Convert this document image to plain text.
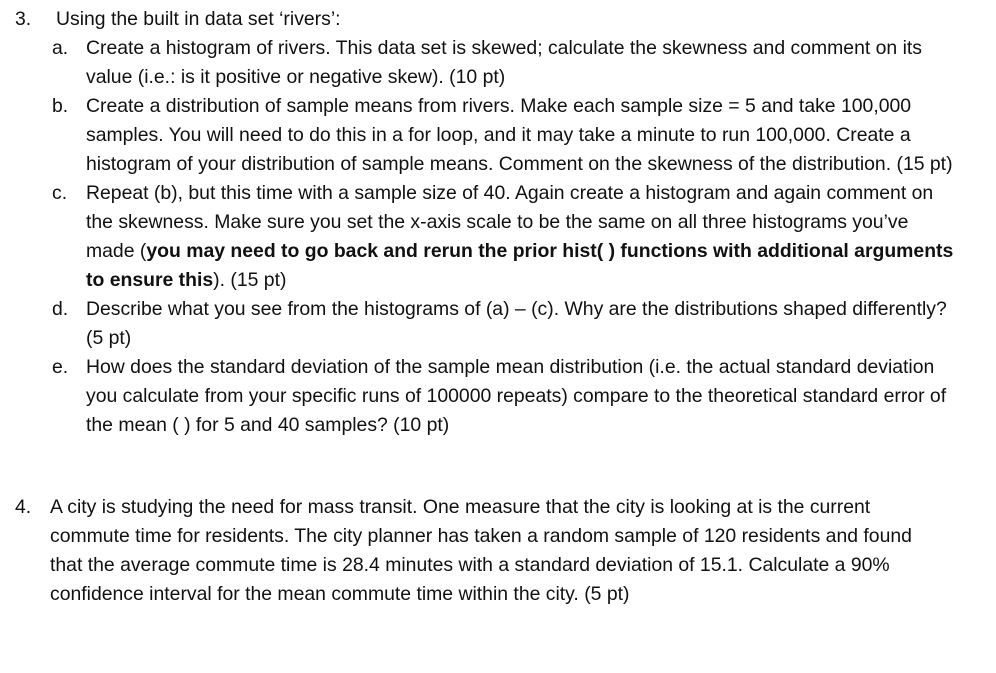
3. Using the built in data set ‘rivers’:
a. Create a histogram of rivers. This data set is skewed; calculate the skewness and comment on its value (i.e.: is it positive or negative skew). (10 pt)
b. Create a distribution of sample means from rivers. Make each sample size = 5 and take 100,000 samples. You will need to do this in a for loop, and it may take a minute to run 100,000. Create a histogram of your distribution of sample means. Comment on the skewness of the distribution. (15 pt)
c. Repeat (b), but this time with a sample size of 40. Again create a histogram and again comment on the skewness. Make sure you set the x-axis scale to be the same on all three histograms you’ve made (you may need to go back and rerun the prior hist( ) functions with additional arguments to ensure this). (15 pt)
d. Describe what you see from the histograms of (a) – (c). Why are the distributions shaped differently? (5 pt)
e. How does the standard deviation of the sample mean distribution (i.e. the actual standard deviation you calculate from your specific runs of 100000 repeats) compare to the theoretical standard error of the mean ( ) for 5 and 40 samples? (10 pt)
4. A city is studying the need for mass transit. One measure that the city is looking at is the current commute time for residents. The city planner has taken a random sample of 120 residents and found that the average commute time is 28.4 minutes with a standard deviation of 15.1. Calculate a 90% confidence interval for the mean commute time within the city. (5 pt)
